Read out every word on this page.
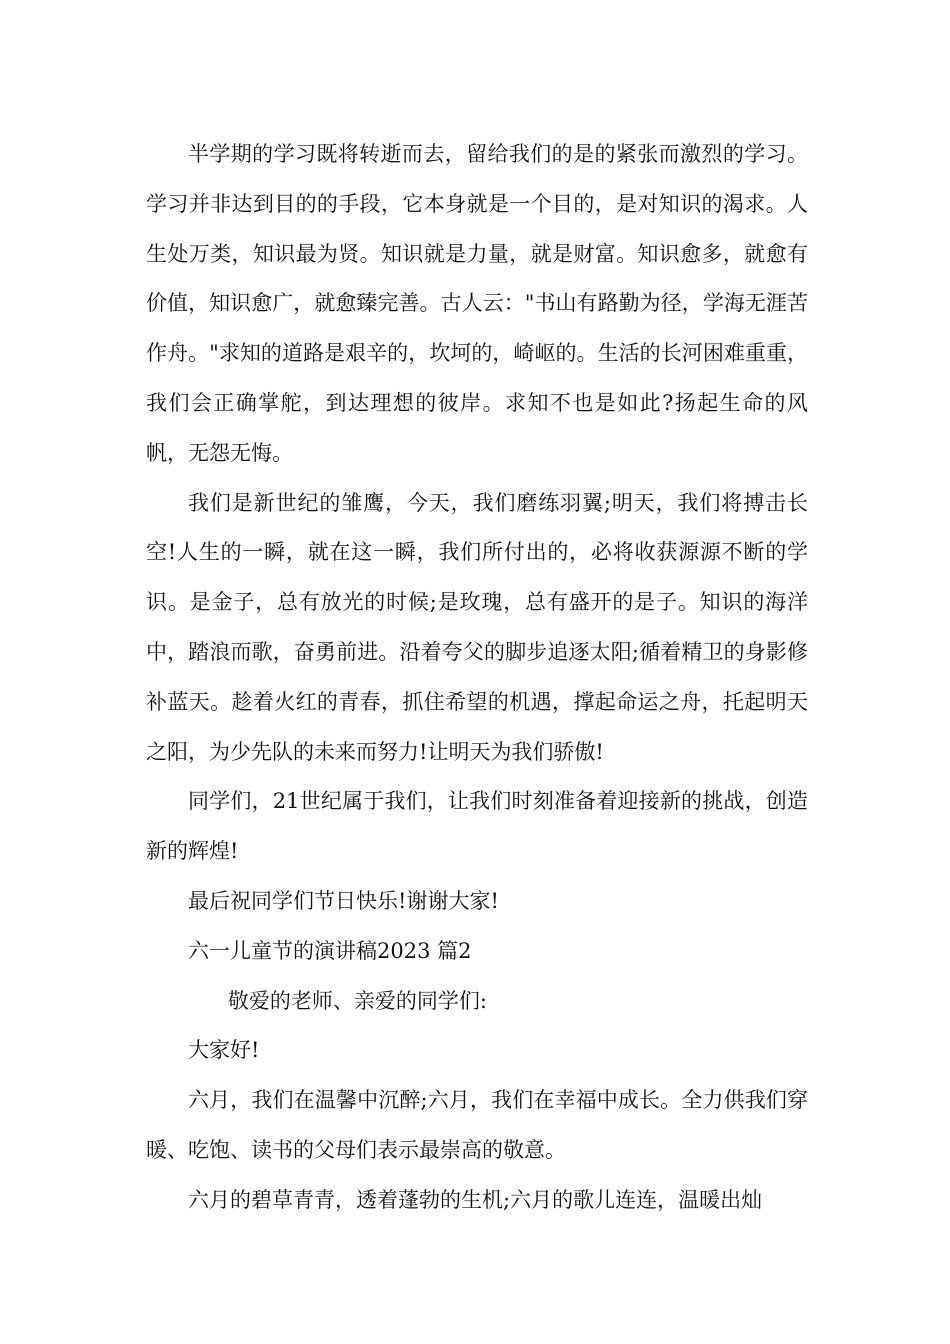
半学期的学习既将转逝而去，留给我们的是的紧张而激烈的学习。学习并非达到目的的手段，它本身就是一个目的，是对知识的渴求。人生处万类，知识最为贤。知识就是力量，就是财富。知识愈多，就愈有价值，知识愈广，就愈臻完善。古人云："书山有路勤为径，学海无涯苦作舟。"求知的道路是艰辛的，坎坷的，崎岖的。生活的长河困难重重，我们会正确掌舵，到达理想的彼岸。求知不也是如此?扬起生命的风帆，无怨无悔。

我们是新世纪的雏鹰，今天，我们磨练羽翼;明天，我们将搏击长空!人生的一瞬，就在这一瞬，我们所付出的，必将收获源源不断的学识。是金子，总有放光的时候;是玫瑰，总有盛开的是子。知识的海洋中，踏浪而歌，奋勇前进。沿着夸父的脚步追逐太阳;循着精卫的身影修补蓝天。趁着火红的青春，抓住希望的机遇，撑起命运之舟，托起明天之阳，为少先队的未来而努力!让明天为我们骄傲!

同学们，21世纪属于我们，让我们时刻准备着迎接新的挑战，创造新的辉煌!

最后祝同学们节日快乐!谢谢大家!

六一儿童节的演讲稿2023 篇2

敬爱的老师、亲爱的同学们:

大家好!

六月，我们在温馨中沉醉;六月，我们在幸福中成长。全力供我们穿暖、吃饱、读书的父母们表示最崇高的敬意。

六月的碧草青青，透着蓬勃的生机;六月的歌儿连连，温暖出灿
